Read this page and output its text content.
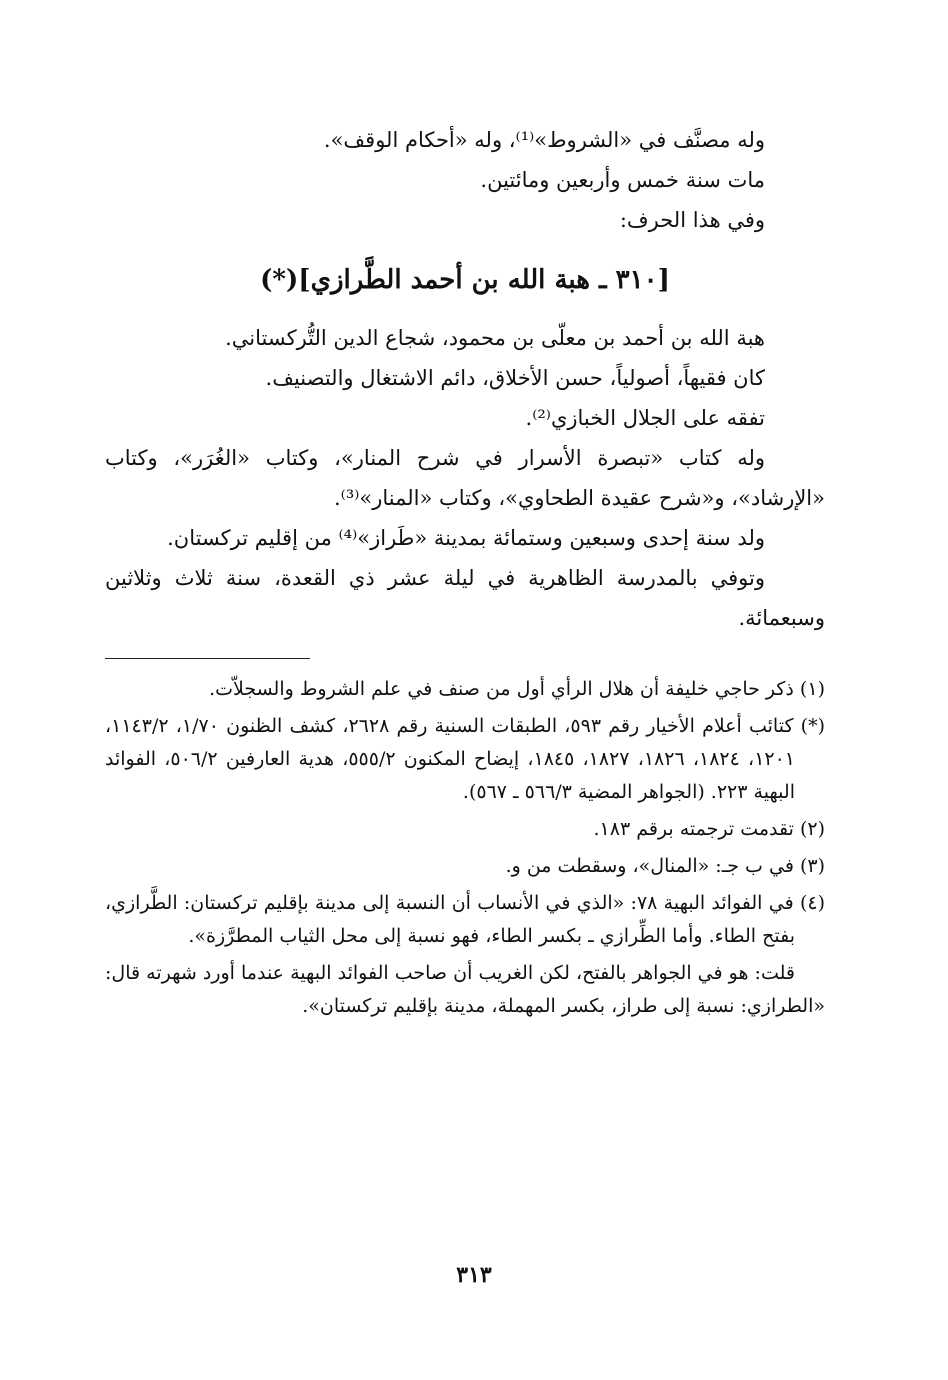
وله مصنَّف في «الشروط»⁽¹⁾، وله «أحكام الوقف».
مات سنة خمس وأربعين ومائتين.
وفي هذا الحرف:
[٣١٠ ـ هبة الله بن أحمد الطَّرازي](*)

هبة الله بن أحمد بن معلّى بن محمود، شجاع الدين التُّركستاني.

كان فقيهاً، أصولياً، حسن الأخلاق، دائم الاشتغال والتصنيف.

تفقه على الجلال الخبازي⁽²⁾.

وله كتاب «تبصرة الأسرار في شرح المنار»، وكتاب «الغُرَر»، وكتاب «الإرشاد»، و«شرح عقيدة الطحاوي»، وكتاب «المنار»⁽³⁾.

ولد سنة إحدى وسبعين وستمائة بمدينة «طَراز»⁽⁴⁾ من إقليم تركستان.

وتوفي بالمدرسة الظاهرية في ليلة عشر ذي القعدة، سنة ثلاث وثلاثين وسبعمائة.

(١) ذكر حاجي خليفة أن هلال الرأي أول من صنف في علم الشروط والسجلاّت.

(*) كتائب أعلام الأخيار رقم ٥٩٣، الطبقات السنية رقم ٢٦٢٨، كشف الظنون ١/٧٠، ١١٤٣/٢، ١٢٠١، ١٨٢٤، ١٨٢٦، ١٨٢٧، ١٨٤٥، إيضاح المكنون ٥٥٥/٢، هدية العارفين ٥٠٦/٢، الفوائد البهية ٢٢٣. (الجواهر المضية ٥٦٦/٣ ـ ٥٦٧).

(٢) تقدمت ترجمته برقم ١٨٣.

(٣) في ب جـ: «المنال»، وسقطت من و.

(٤) في الفوائد البهية ٧٨: «الذي في الأنساب أن النسبة إلى مدينة بإقليم تركستان: الطَّرازي، بفتح الطاء. وأما الطِّرازي ـ بكسر الطاء، فهو نسبة إلى محل الثياب المطرَّزة».

قلت: هو في الجواهر بالفتح، لكن الغريب أن صاحب الفوائد البهية عندما أورد شهرته قال: «الطرازي: نسبة إلى طراز، بكسر المهملة، مدينة بإقليم تركستان».

٣١٣
